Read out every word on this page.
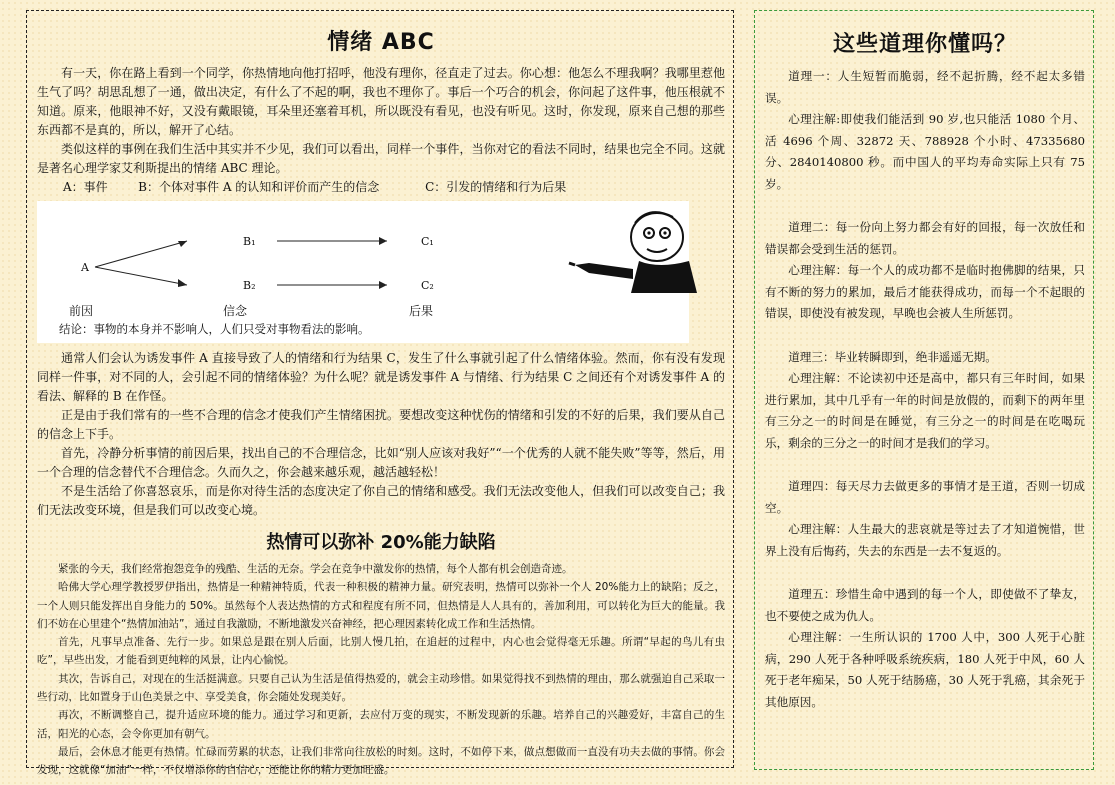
情绪 ABC

有一天，你在路上看到一个同学，你热情地向他打招呼，他没有理你，径直走了过去。你心想：他怎么不理我啊？我哪里惹他生气了吗？胡思乱想了一通，做出决定，有什么了不起的啊，我也不理你了。事后一个巧合的机会，你问起了这件事，他压根就不知道。原来，他眼神不好，又没有戴眼镜，耳朵里还塞着耳机，所以既没有看见，也没有听见。这时，你发现，原来自己想的那些东西都不是真的，所以，解开了心结。

类似这样的事例在我们生活中其实并不少见，我们可以看出，同样一个事件，当你对它的看法不同时，结果也完全不同。这就是著名心理学家艾利斯提出的情绪 ABC 理论。

A：事件        B：个体对事件 A 的认知和评价而产生的信念            C：引发的情绪和行为后果
A
B₁
B₂
C₁
C₂
前因	信念	后果
结论：事物的本身并不影响人，人们只受对事物看法的影响。

通常人们会认为诱发事件 A 直接导致了人的情绪和行为结果 C，发生了什么事就引起了什么情绪体验。然而，你有没有发现同样一件事，对不同的人，会引起不同的情绪体验？为什么呢？就是诱发事件 A 与情绪、行为结果 C 之间还有个对诱发事件 A 的看法、解释的 B 在作怪。

正是由于我们常有的一些不合理的信念才使我们产生情绪困扰。要想改变这种忧伤的情绪和引发的不好的后果，我们要从自己的信念上下手。

首先，冷静分析事情的前因后果，找出自己的不合理信念，比如“别人应该对我好”“一个优秀的人就不能失败”等等，然后，用一个合理的信念替代不合理信念。久而久之，你会越来越乐观，越活越轻松！

不是生活给了你喜怒哀乐，而是你对待生活的态度决定了你自己的情绪和感受。我们无法改变他人，但我们可以改变自己；我们无法改变环境，但是我们可以改变心境。

热情可以弥补 20%能力缺陷

紧张的今天，我们经常抱怨竞争的残酷、生活的无奈。学会在竞争中激发你的热情，每个人都有机会创造奇迹。

哈佛大学心理学教授罗伊指出，热情是一种精神特质，代表一种积极的精神力量。研究表明，热情可以弥补一个人 20%能力上的缺陷；反之，一个人则只能发挥出自身能力的 50%。虽然每个人表达热情的方式和程度有所不同，但热情是人人具有的，善加利用，可以转化为巨大的能量。我们不妨在心里建个“热情加油站”，通过自我激励，不断地激发兴奋神经，把心理因素转化成工作和生活热情。

首先，凡事早点准备、先行一步。如果总是跟在别人后面，比别人慢几拍，在追赶的过程中，内心也会觉得毫无乐趣。所谓“早起的鸟儿有虫吃”，早些出发，才能看到更纯粹的风景，让内心愉悦。

其次，告诉自己，对现在的生活挺满意。只要自己认为生活是值得热爱的，就会主动珍惜。如果觉得找不到热情的理由，那么就强迫自己采取一些行动，比如置身于山色美景之中、享受美食，你会随处发现美好。

再次，不断调整自己，提升适应环境的能力。通过学习和更新，去应付万变的现实，不断发现新的乐趣。培养自己的兴趣爱好，丰富自己的生活，阳光的心态，会令你更加有朝气。

最后，会休息才能更有热情。忙碌而劳累的状态，让我们非常向往放松的时刻。这时，不如停下来，做点想做而一直没有功夫去做的事情。你会发现，这就像“加油”一样，不仅增添你的自信心，还能让你的精力更加旺盛。

这些道理你懂吗？

道理一：人生短暂而脆弱，经不起折腾，经不起太多错误。

心理注解:即使我们能活到 90 岁,也只能活 1080 个月、活 4696 个周、32872 天、788928 个小时、47335680 分、2840140800 秒。而中国人的平均寿命实际上只有 75 岁。

道理二：每一份向上努力都会有好的回报，每一次放任和错误都会受到生活的惩罚。

心理注解：每一个人的成功都不是临时抱佛脚的结果，只有不断的努力的累加，最后才能获得成功，而每一个不起眼的错误，即使没有被发现，早晚也会被人生所惩罚。

道理三：毕业转瞬即到，绝非遥遥无期。

心理注解：不论读初中还是高中，都只有三年时间，如果进行累加，其中几乎有一年的时间是放假的，而剩下的两年里有三分之一的时间是在睡觉，有三分之一的时间是在吃喝玩乐，剩余的三分之一的时间才是我们的学习。

道理四：每天尽力去做更多的事情才是王道，否则一切成空。

心理注解：人生最大的悲哀就是等过去了才知道惋惜，世界上没有后悔药，失去的东西是一去不复返的。

道理五：珍惜生命中遇到的每一个人，即使做不了挚友，也不要使之成为仇人。

心理注解：一生所认识的 1700 人中，300 人死于心脏病，290 人死于各种呼吸系统疾病，180 人死于中风，60 人死于老年痴呆，50 人死于结肠癌，30 人死于乳癌，其余死于其他原因。
